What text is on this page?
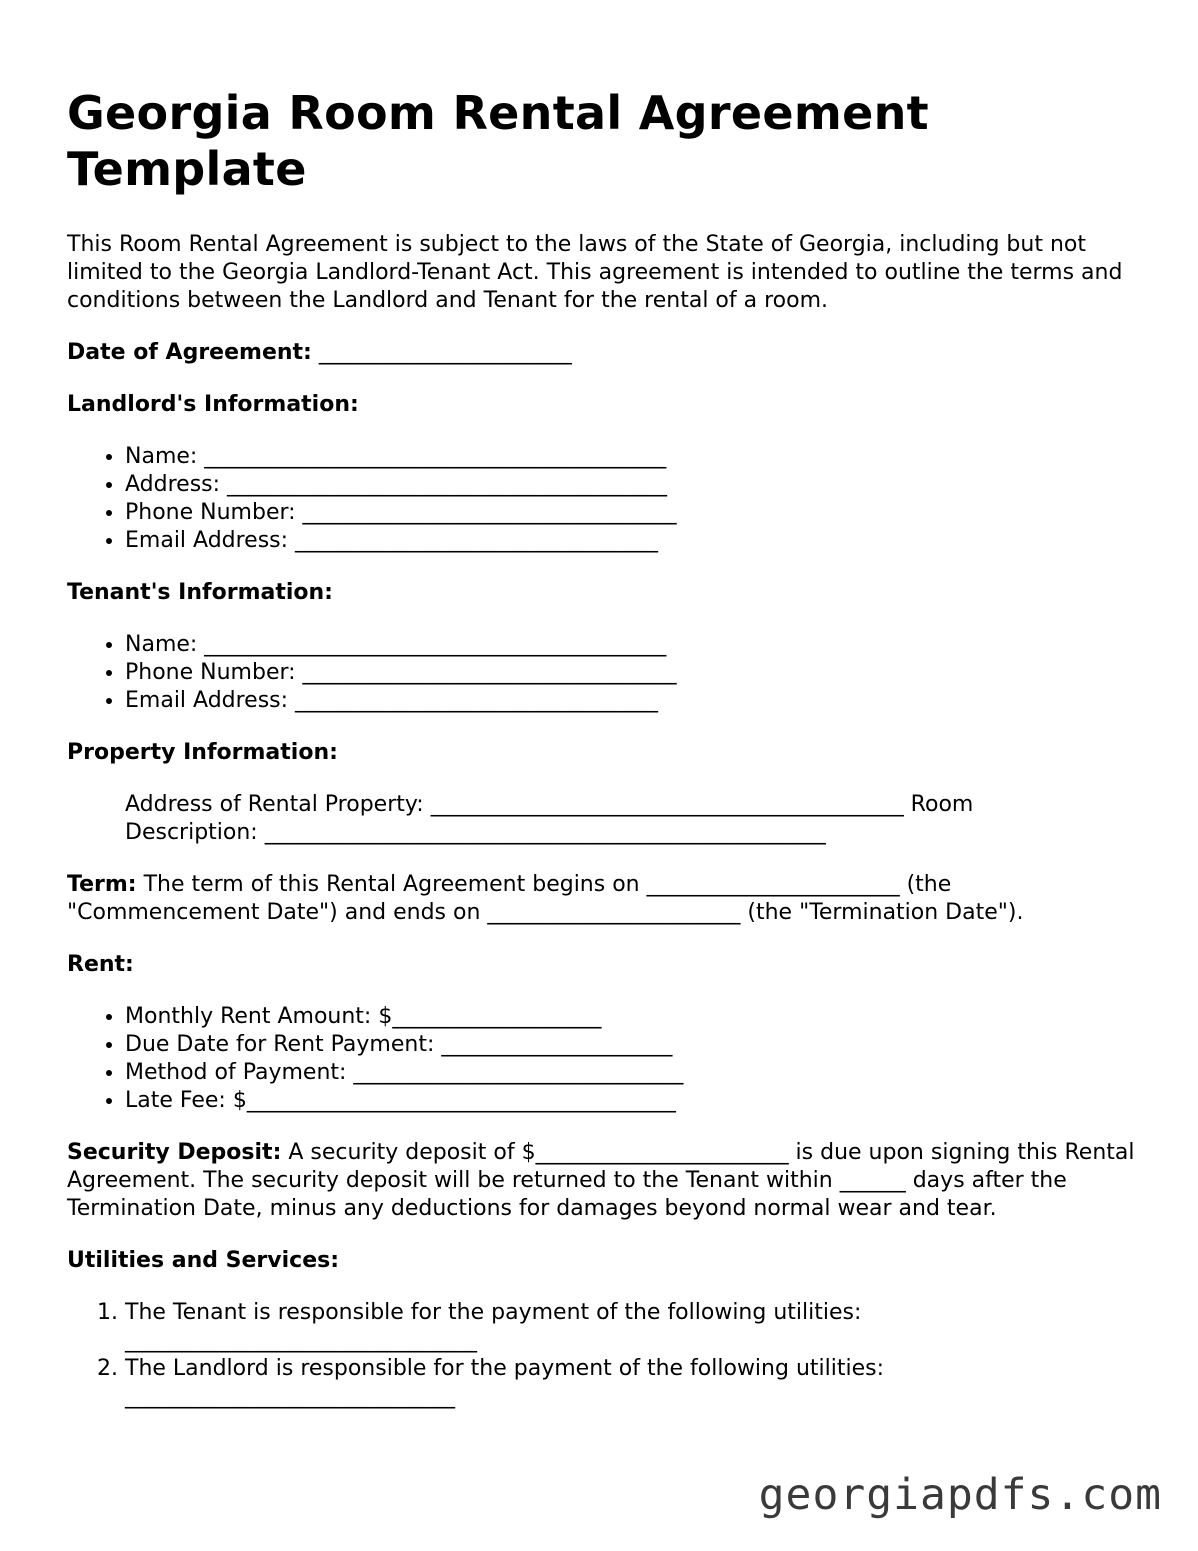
Georgia Room Rental Agreement Template

This Room Rental Agreement is subject to the laws of the State of Georgia, including but not limited to the Georgia Landlord-Tenant Act. This agreement is intended to outline the terms and conditions between the Landlord and Tenant for the rental of a room.

Date of Agreement: _______________________

Landlord's Information:

• Name: __________________________________________
• Address: ________________________________________
• Phone Number: __________________________________
• Email Address: _________________________________

Tenant's Information:

• Name: __________________________________________
• Phone Number: __________________________________
• Email Address: _________________________________

Property Information:

Address of Rental Property: ___________________________________________ Room Description: ___________________________________________________

Term: The term of this Rental Agreement begins on _______________________ (the "Commencement Date") and ends on _______________________ (the "Termination Date").

Rent:

• Monthly Rent Amount: $___________________
• Due Date for Rent Payment: _____________________
• Method of Payment: ______________________________
• Late Fee: $_______________________________________

Security Deposit: A security deposit of $_______________________ is due upon signing this Rental Agreement. The security deposit will be returned to the Tenant within ______ days after the Termination Date, minus any deductions for damages beyond normal wear and tear.

Utilities and Services:

1. The Tenant is responsible for the payment of the following utilities:
________________________________
2. The Landlord is responsible for the payment of the following utilities:
______________________________
georgiapdfs.com
